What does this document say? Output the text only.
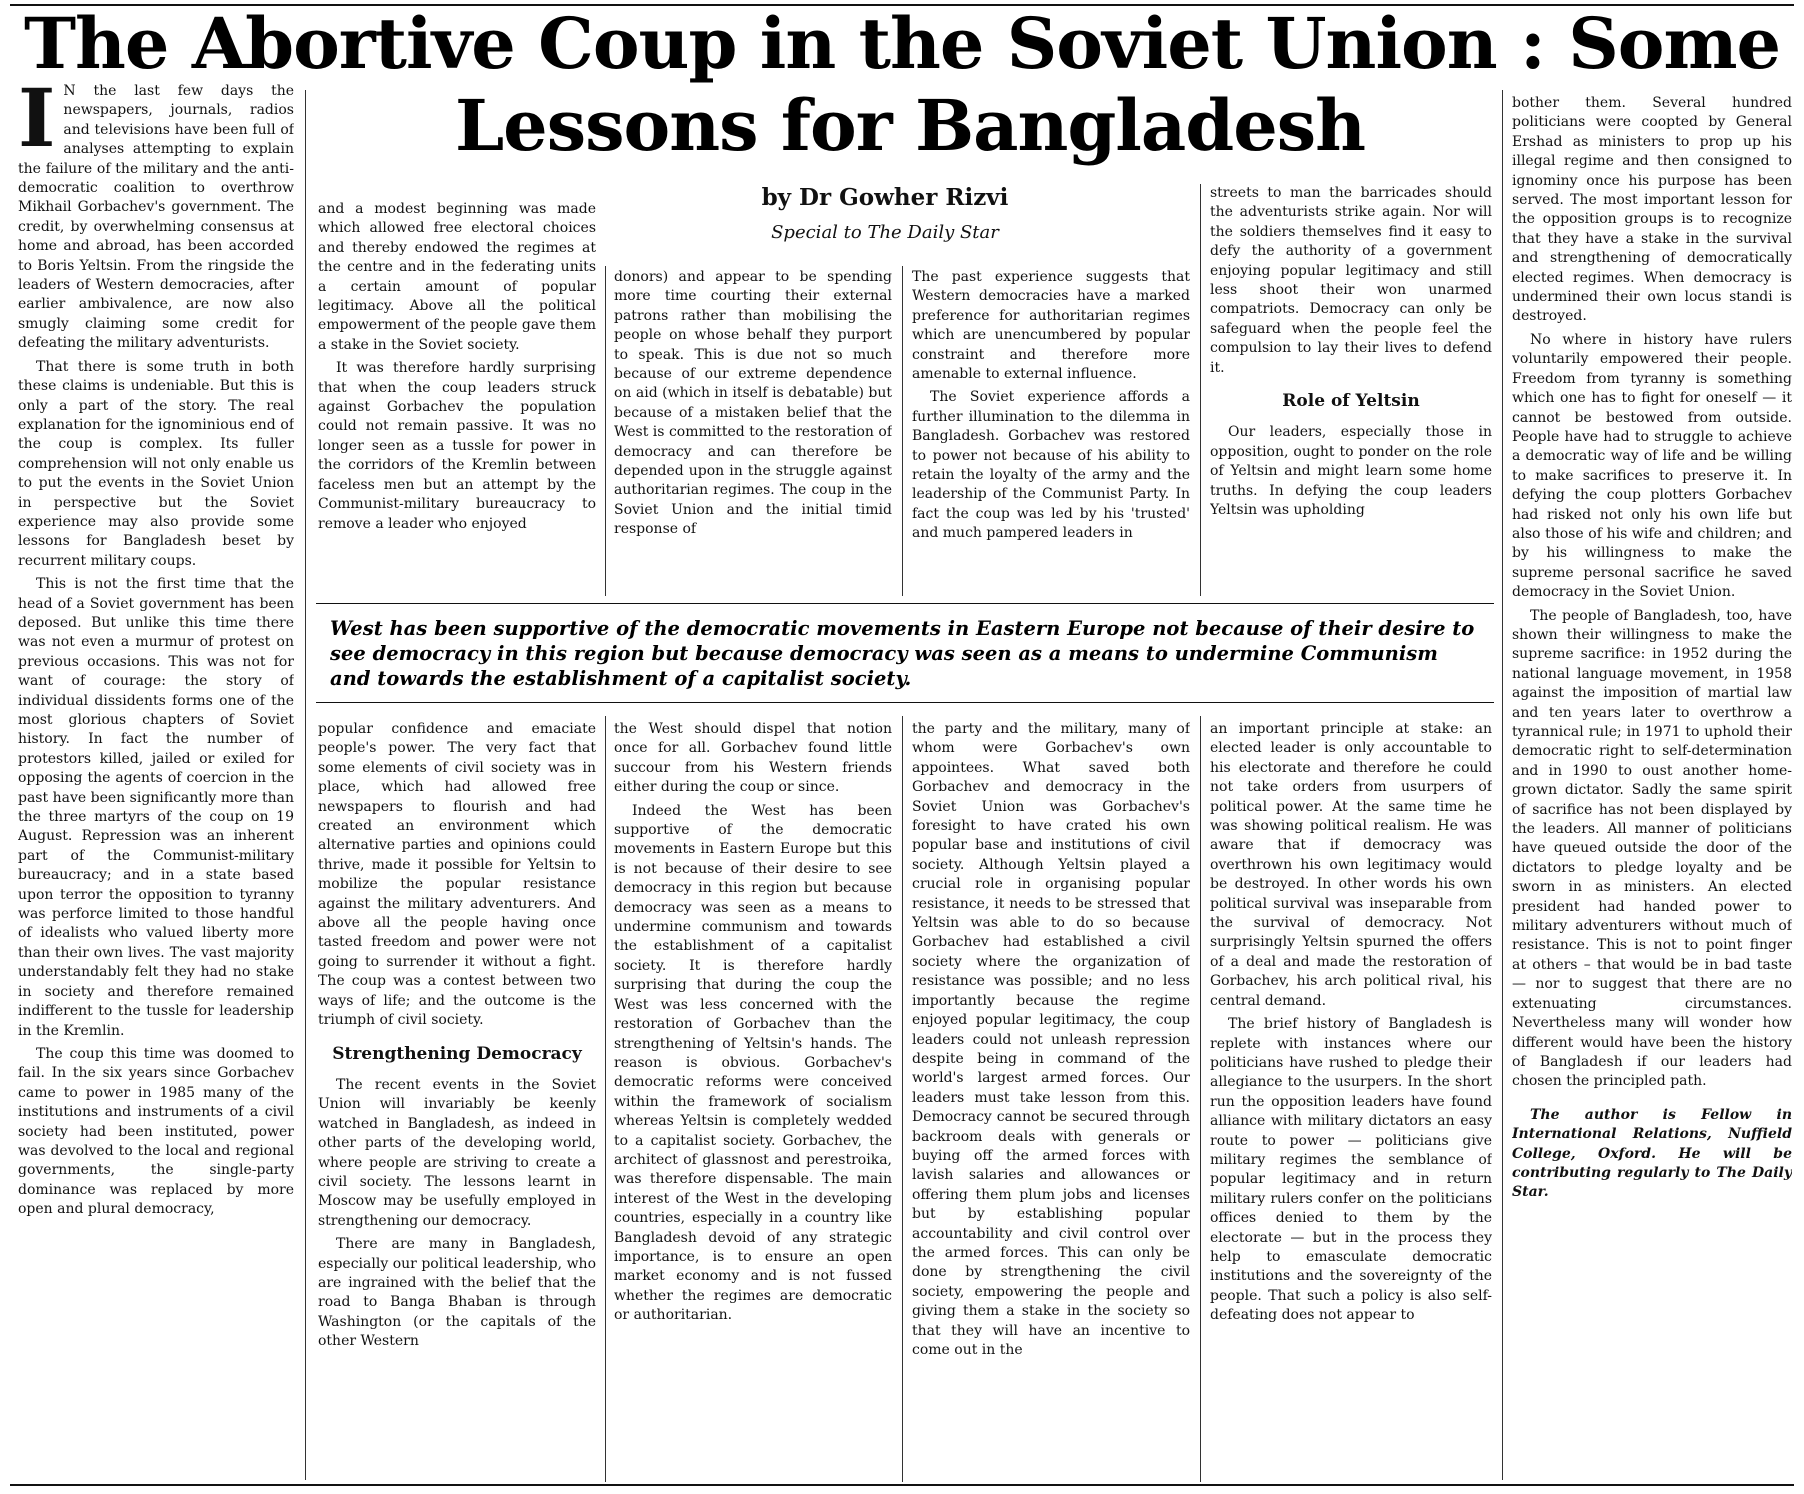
The Abortive Coup in the Soviet Union : Some
Lessons for Bangladesh
by Dr Gowher Rizvi
Special to The Daily Star

I N the last few days the newspapers, journals, radios and televisions have been full of analyses attempting to explain the failure of the military and the anti-democratic coalition to overthrow Mikhail Gorbachev's government. The credit, by overwhelming consensus at home and abroad, has been accorded to Boris Yeltsin. From the ringside the leaders of Western democracies, after earlier ambivalence, are now also smugly claiming some credit for defeating the military adventurists.

That there is some truth in both these claims is undeniable. But this is only a part of the story. The real explanation for the ignominious end of the coup is complex. Its fuller comprehension will not only enable us to put the events in the Soviet Union in perspective but the Soviet experience may also provide some lessons for Bangladesh beset by recurrent military coups.

This is not the first time that the head of a Soviet government has been deposed. But unlike this time there was not even a murmur of protest on previous occasions. This was not for want of courage: the story of individual dissidents forms one of the most glorious chapters of Soviet history. In fact the number of protestors killed, jailed or exiled for opposing the agents of coercion in the past have been significantly more than the three martyrs of the coup on 19 August. Repression was an inherent part of the Communist-military bureaucracy; and in a state based upon terror the opposition to tyranny was perforce limited to those handful of idealists who valued liberty more than their own lives. The vast majority understandably felt they had no stake in society and therefore remained indifferent to the tussle for leadership in the Kremlin.

The coup this time was doomed to fail. In the six years since Gorbachev came to power in 1985 many of the institutions and instruments of a civil society had been instituted, power was devolved to the local and regional governments, the single-party dominance was replaced by more open and plural democracy,

and a modest beginning was made which allowed free electoral choices and thereby endowed the regimes at the centre and in the federating units a certain amount of popular legitimacy. Above all the political empowerment of the people gave them a stake in the Soviet society.

It was therefore hardly surprising that when the coup leaders struck against Gorbachev the population could not remain passive. It was no longer seen as a tussle for power in the corridors of the Kremlin between faceless men but an attempt by the Communist-military bureaucracy to remove a leader who enjoyed

donors) and appear to be spending more time courting their external patrons rather than mobilising the people on whose behalf they purport to speak. This is due not so much because of our extreme dependence on aid (which in itself is debatable) but because of a mistaken belief that the West is committed to the restoration of democracy and can therefore be depended upon in the struggle against authoritarian regimes. The coup in the Soviet Union and the initial timid response of

The past experience suggests that Western democracies have a marked preference for authoritarian regimes which are unencumbered by popular constraint and therefore more amenable to external influence.

The Soviet experience affords a further illumination to the dilemma in Bangladesh. Gorbachev was restored to power not because of his ability to retain the loyalty of the army and the leadership of the Communist Party. In fact the coup was led by his 'trusted' and much pampered leaders in

streets to man the barricades should the adventurists strike again. Nor will the soldiers themselves find it easy to defy the authority of a government enjoying popular legitimacy and still less shoot their won unarmed compatriots. Democracy can only be safeguard when the people feel the compulsion to lay their lives to defend it.

Role of Yeltsin

Our leaders, especially those in opposition, ought to ponder on the role of Yeltsin and might learn some home truths. In defying the coup leaders Yeltsin was upholding

bother them. Several hundred politicians were coopted by General Ershad as ministers to prop up his illegal regime and then consigned to ignominy once his purpose has been served. The most important lesson for the opposition groups is to recognize that they have a stake in the survival and strengthening of democratically elected regimes. When democracy is undermined their own locus standi is destroyed.

No where in history have rulers voluntarily empowered their people. Freedom from tyranny is something which one has to fight for oneself — it cannot be bestowed from outside. People have had to struggle to achieve a democratic way of life and be willing to make sacrifices to preserve it. In defying the coup plotters Gorbachev had risked not only his own life but also those of his wife and children; and by his willingness to make the supreme personal sacrifice he saved democracy in the Soviet Union.

The people of Bangladesh, too, have shown their willingness to make the supreme sacrifice: in 1952 during the national language movement, in 1958 against the imposition of martial law and ten years later to overthrow a tyrannical rule; in 1971 to uphold their democratic right to self-determination and in 1990 to oust another home-grown dictator. Sadly the same spirit of sacrifice has not been displayed by the leaders. All manner of politicians have queued outside the door of the dictators to pledge loyalty and be sworn in as ministers. An elected president had handed power to military adventurers without much of resistance. This is not to point finger at others – that would be in bad taste — nor to suggest that there are no extenuating circumstances. Nevertheless many will wonder how different would have been the history of Bangladesh if our leaders had chosen the principled path.

The author is Fellow in International Relations, Nuffield College, Oxford. He will be contributing regularly to The Daily Star.

West has been supportive of the democratic movements in Eastern Europe not because of their desire to see democracy in this region but because democracy was seen as a means to undermine Communism and towards the establishment of a capitalist society.

popular confidence and emaciate people's power. The very fact that some elements of civil society was in place, which had allowed free newspapers to flourish and had created an environment which alternative parties and opinions could thrive, made it possible for Yeltsin to mobilize the popular resistance against the military adventurers. And above all the people having once tasted freedom and power were not going to surrender it without a fight. The coup was a contest between two ways of life; and the outcome is the triumph of civil society.

Strengthening Democracy

The recent events in the Soviet Union will invariably be keenly watched in Bangladesh, as indeed in other parts of the developing world, where people are striving to create a civil society. The lessons learnt in Moscow may be usefully employed in strengthening our democracy.

There are many in Bangladesh, especially our political leadership, who are ingrained with the belief that the road to Banga Bhaban is through Washington (or the capitals of the other Western

the West should dispel that notion once for all. Gorbachev found little succour from his Western friends either during the coup or since.

Indeed the West has been supportive of the democratic movements in Eastern Europe but this is not because of their desire to see democracy in this region but because democracy was seen as a means to undermine communism and towards the establishment of a capitalist society. It is therefore hardly surprising that during the coup the West was less concerned with the restoration of Gorbachev than the strengthening of Yeltsin's hands. The reason is obvious. Gorbachev's democratic reforms were conceived within the framework of socialism whereas Yeltsin is completely wedded to a capitalist society. Gorbachev, the architect of glassnost and perestroika, was therefore dispensable. The main interest of the West in the developing countries, especially in a country like Bangladesh devoid of any strategic importance, is to ensure an open market economy and is not fussed whether the regimes are democratic or authoritarian.

the party and the military, many of whom were Gorbachev's own appointees. What saved both Gorbachev and democracy in the Soviet Union was Gorbachev's foresight to have crated his own popular base and institutions of civil society. Although Yeltsin played a crucial role in organising popular resistance, it needs to be stressed that Yeltsin was able to do so because Gorbachev had established a civil society where the organization of resistance was possible; and no less importantly because the regime enjoyed popular legitimacy, the coup leaders could not unleash repression despite being in command of the world's largest armed forces. Our leaders must take lesson from this. Democracy cannot be secured through backroom deals with generals or buying off the armed forces with lavish salaries and allowances or offering them plum jobs and licenses but by establishing popular accountability and civil control over the armed forces. This can only be done by strengthening the civil society, empowering the people and giving them a stake in the society so that they will have an incentive to come out in the

an important principle at stake: an elected leader is only accountable to his electorate and therefore he could not take orders from usurpers of political power. At the same time he was showing political realism. He was aware that if democracy was overthrown his own legitimacy would be destroyed. In other words his own political survival was inseparable from the survival of democracy. Not surprisingly Yeltsin spurned the offers of a deal and made the restoration of Gorbachev, his arch political rival, his central demand.

The brief history of Bangladesh is replete with instances where our politicians have rushed to pledge their allegiance to the usurpers. In the short run the opposition leaders have found alliance with military dictators an easy route to power — politicians give military regimes the semblance of popular legitimacy and in return military rulers confer on the politicians offices denied to them by the electorate — but in the process they help to emasculate democratic institutions and the sovereignty of the people. That such a policy is also self-defeating does not appear to
